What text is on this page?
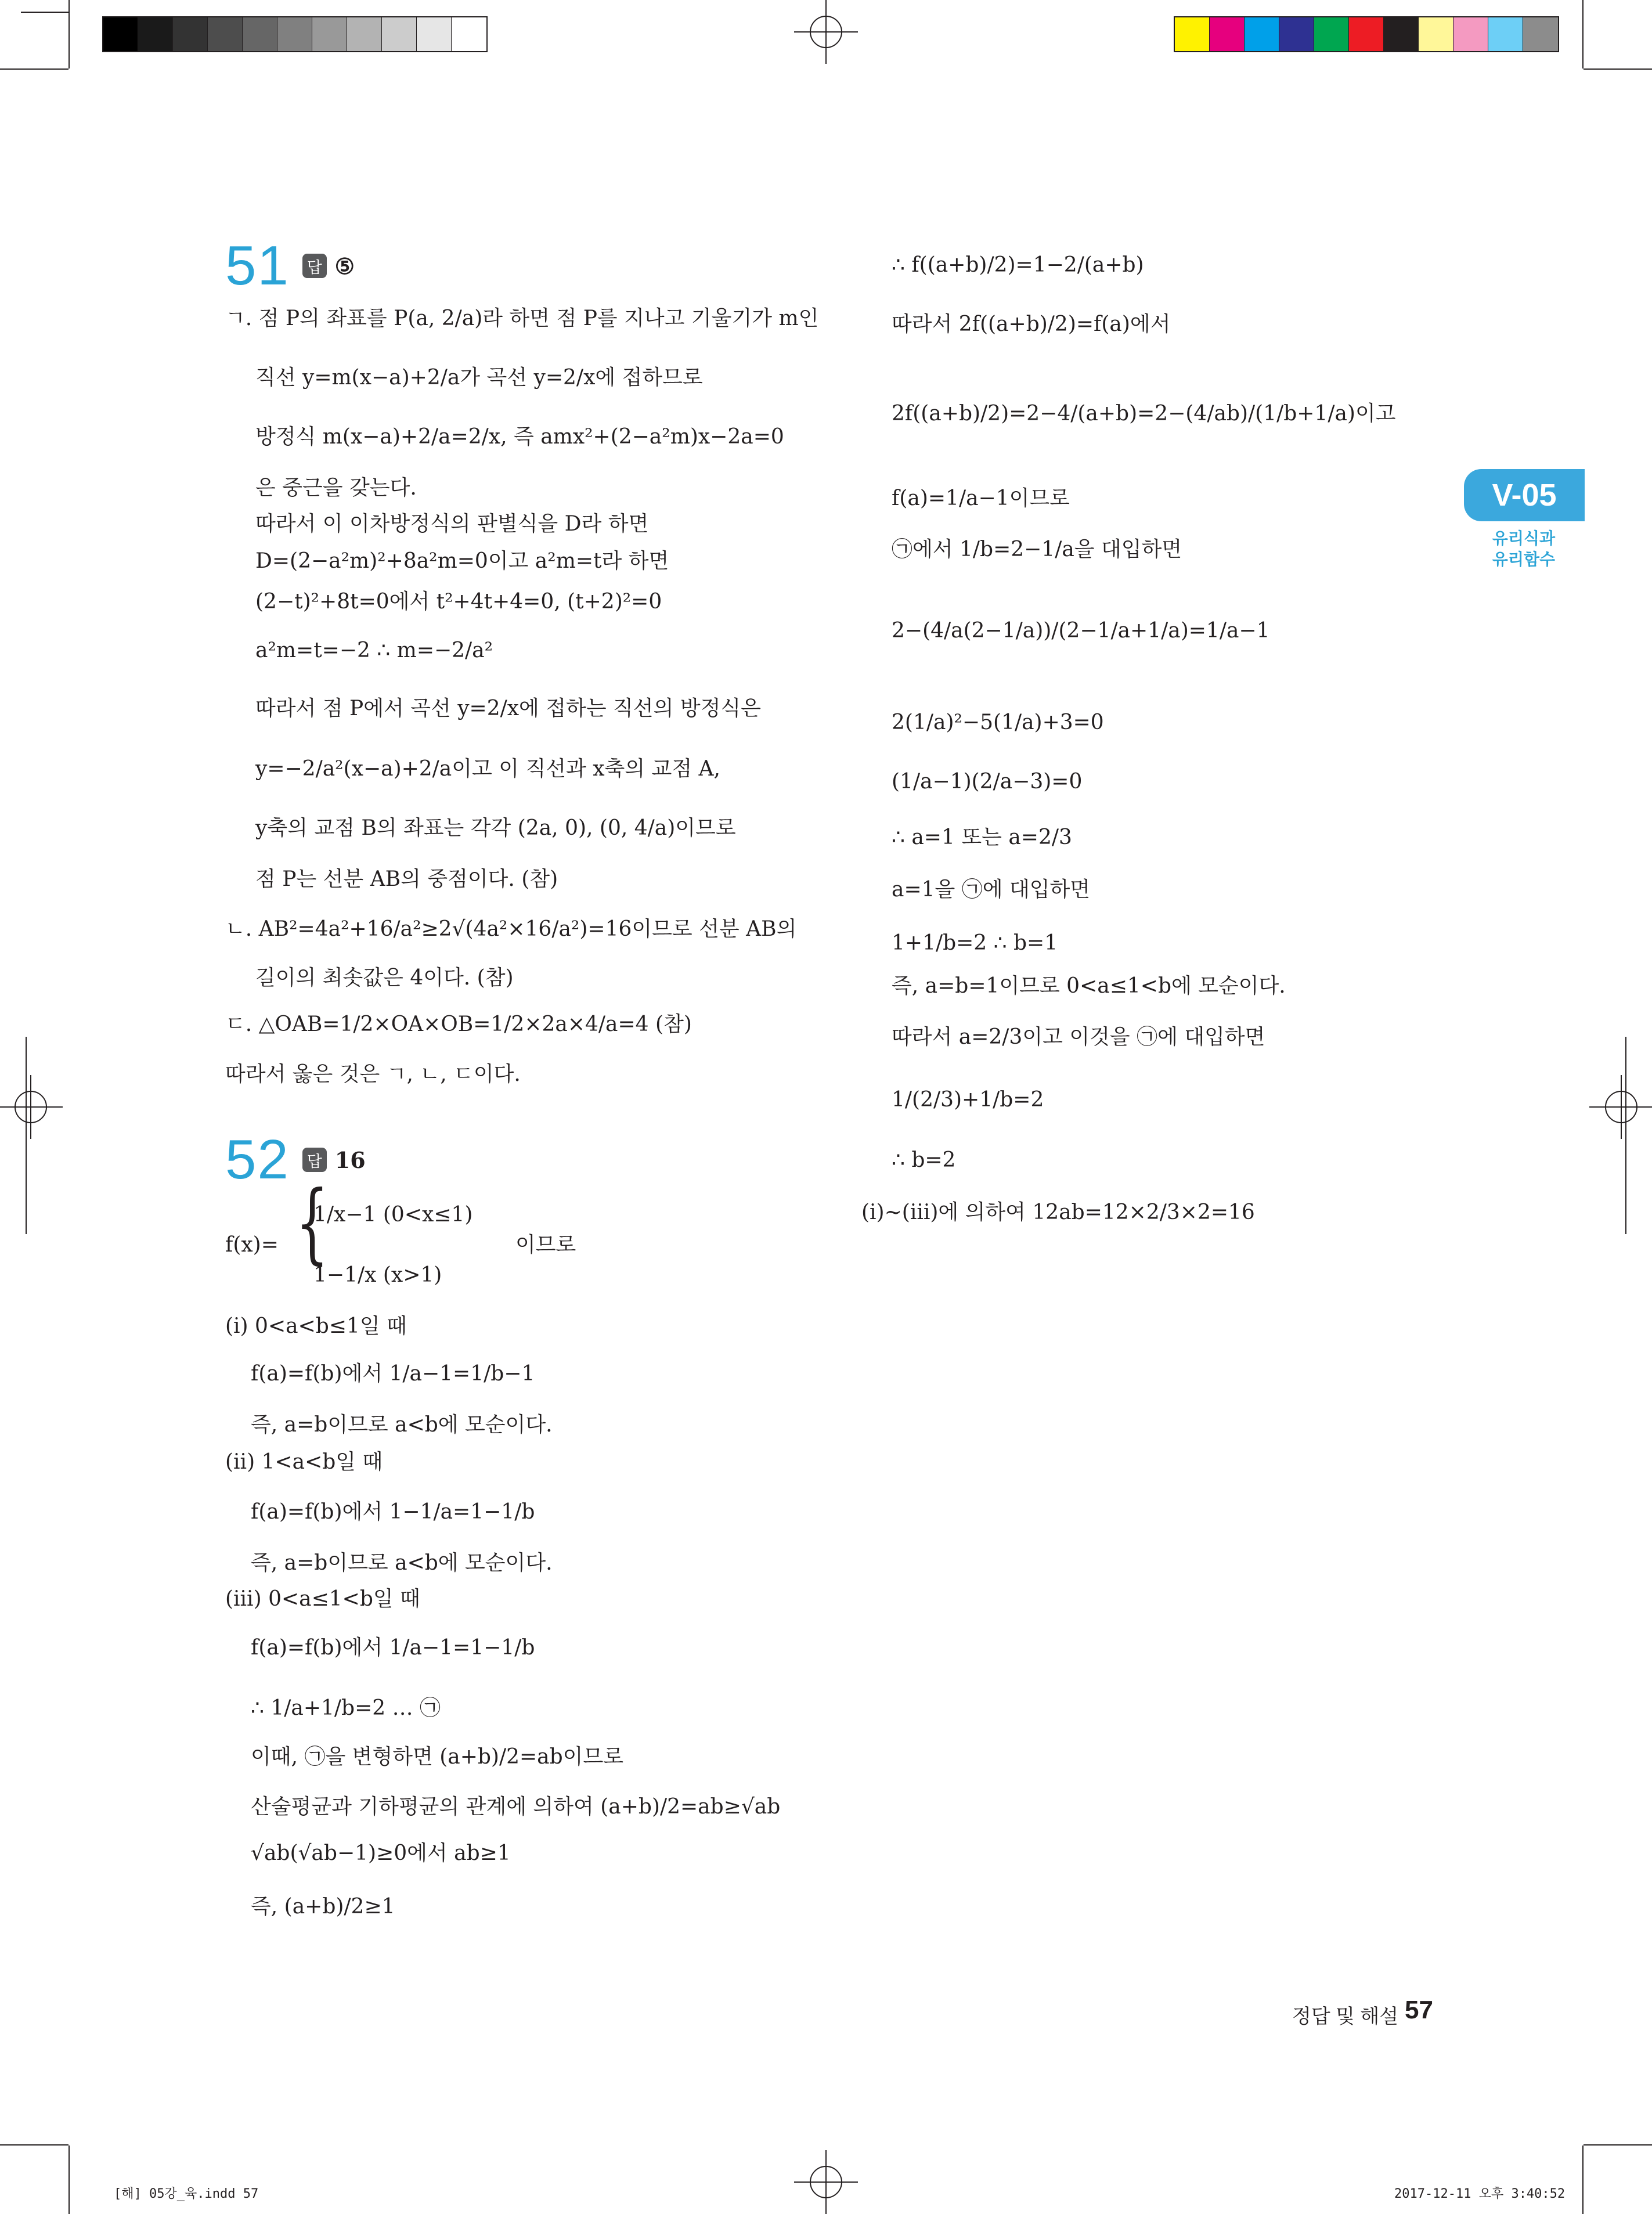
51 답 ⑤
ㄱ. 점 P의 좌표를 P(a, 2/a)라 하면 점 P를 지나고 기울기가 m인
직선 y=m(x−a)+2/a가 곡선 y=2/x에 접하므로
방정식 m(x−a)+2/a=2/x, 즉 amx²+(2−a²m)x−2a=0
은 중근을 갖는다.
따라서 이 이차방정식의 판별식을 D라 하면
D=(2−a²m)²+8a²m=0이고 a²m=t라 하면
(2−t)²+8t=0에서 t²+4t+4=0, (t+2)²=0
a²m=t=−2 ∴ m=−2/a²
따라서 점 P에서 곡선 y=2/x에 접하는 직선의 방정식은
y=−2/a²(x−a)+2/a이고 이 직선과 x축의 교점 A,
y축의 교점 B의 좌표는 각각 (2a, 0), (0, 4/a)이므로
점 P는 선분 AB의 중점이다. (참)
ㄴ. AB²=4a²+16/a²≥2√(4a²×16/a²)=16이므로 선분 AB의
길이의 최솟값은 4이다. (참)
ㄷ. △OAB=1/2×OA×OB=1/2×2a×4/a=4 (참)
따라서 옳은 것은 ㄱ, ㄴ, ㄷ이다.
52 답 16
f(x)= {
1/x−1 (0<x≤1)
1−1/x (x>1)
이므로
(ⅰ) 0<a<b≤1일 때
f(a)=f(b)에서 1/a−1=1/b−1
즉, a=b이므로 a<b에 모순이다.
(ⅱ) 1<a<b일 때
f(a)=f(b)에서 1−1/a=1−1/b
즉, a=b이므로 a<b에 모순이다.
(ⅲ) 0<a≤1<b일 때
f(a)=f(b)에서 1/a−1=1−1/b
∴ 1/a+1/b=2 … ㉠
이때, ㉠을 변형하면 (a+b)/2=ab이므로
산술평균과 기하평균의 관계에 의하여 (a+b)/2=ab≥√ab
√ab(√ab−1)≥0에서 ab≥1
즉, (a+b)/2≥1
∴ f((a+b)/2)=1−2/(a+b)
따라서 2f((a+b)/2)=f(a)에서
2f((a+b)/2)=2−4/(a+b)=2−(4/ab)/(1/b+1/a)이고
f(a)=1/a−1이므로
㉠에서 1/b=2−1/a을 대입하면
2−(4/a(2−1/a))/(2−1/a+1/a)=1/a−1
2(1/a)²−5(1/a)+3=0
(1/a−1)(2/a−3)=0
∴ a=1 또는 a=2/3
a=1을 ㉠에 대입하면
1+1/b=2 ∴ b=1
즉, a=b=1이므로 0<a≤1<b에 모순이다.
따라서 a=2/3이고 이것을 ㉠에 대입하면
1/(2/3)+1/b=2
∴ b=2
(ⅰ)~(ⅲ)에 의하여 12ab=12×2/3×2=16
V-05
유리식과
유리함수
정답 및 해설 57
[해] 05강_육.indd 57	2017-12-11 오후 3:40:52
